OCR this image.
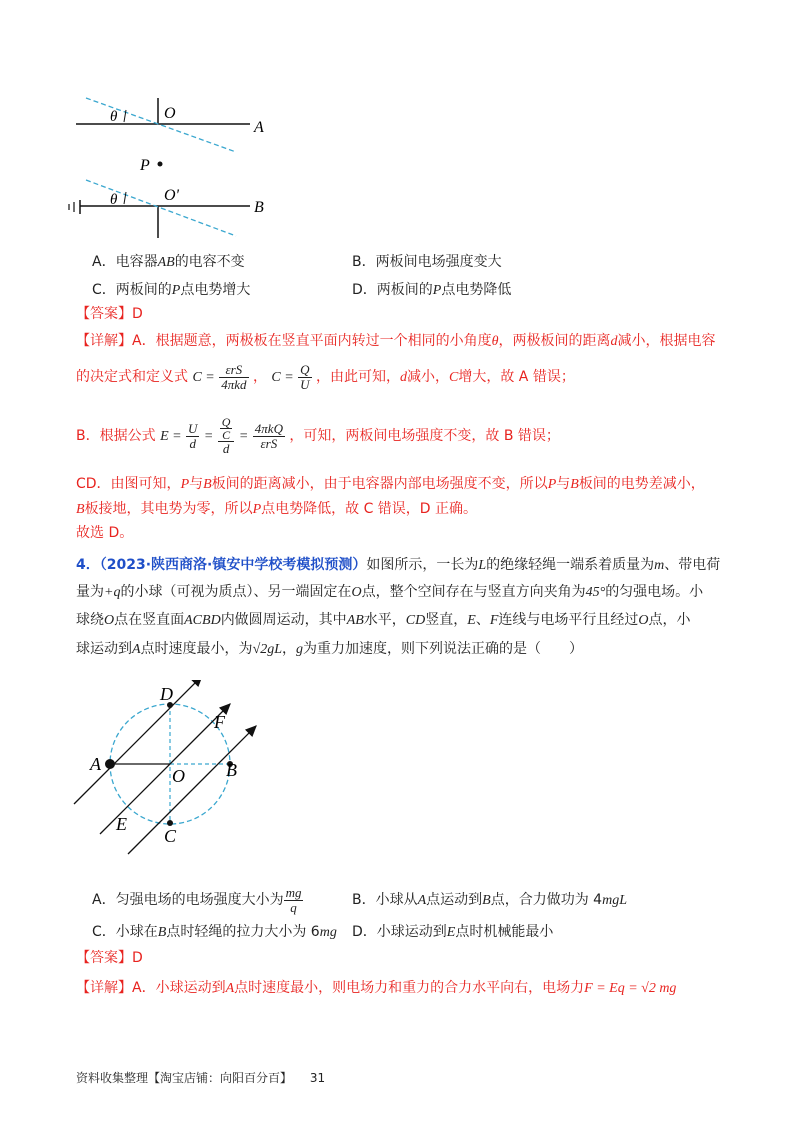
θ	O
A
P
θ	O'
B
A．电容器AB的电容不变	B．两板间电场强度变大
C．两板间的P点电势增大	D．两板间的P点电势降低
【答案】D
【详解】A．根据题意，两极板在竖直平面内转过一个相同的小角度θ，两极板间的距离d减小，根据电容
的决定式和定义式 $C = \frac{\text{εrS}}{\text{4πkd}}$ ， $C = \frac{Q}{U}$ ，由此可知，d减小，C增大，故 A 错误；
B．根据公式 $E = \frac{U}{d} = \frac{\frac{Q}{C}}{d} = \frac{\text{4πkQ}}{\text{εrS}}$ ，可知，两板间电场强度不变，故 B 错误；
CD．由图可知，P与B板间的距离减小，由于电容器内部电场强度不变，所以P与B板间的电势差减小，
B板接地，其电势为零，所以P点电势降低，故 C 错误，D 正确。
故选 D。
4．（2023·陕西商洛·镇安中学校考模拟预测）如图所示，一长为L的绝缘轻绳一端系着质量为m、带电荷
量为+q的小球（可视为质点）、另一端固定在O点，整个空间存在与竖直方向夹角为45°的匀强电场。小
球绕O点在竖直面ACBD内做圆周运动，其中AB水平，CD竖直，E、F连线与电场平行且经过O点，小
球运动到A点时速度最小，为√2gL，g为重力加速度，则下列说法正确的是（　　）
D
F
A
O B
E
C
A．匀强电场的电场强度大小为 $\frac{mg}{q}$	B．小球从A点运动到B点，合力做功为 4mgL
C．小球在B点时轻绳的拉力大小为 6mg D．小球运动到E点时机械能最小
【答案】D
【详解】A．小球运动到A点时速度最小，则电场力和重力的合力水平向右，电场力F = Eq = √2 mg
资料收集整理【淘宝店铺：向阳百分百】 31
